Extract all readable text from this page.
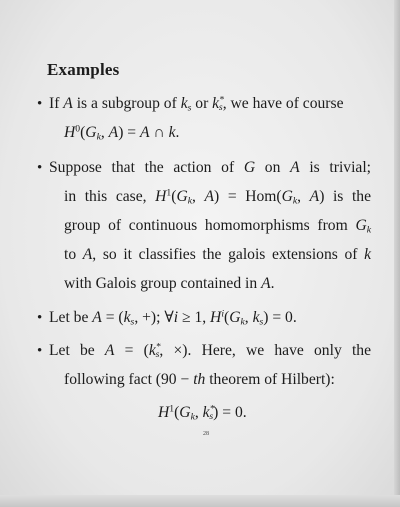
Examples
• If A is a subgroup of $k_s$ or $k^*_s$, we have of course
$H^0(G_k$, A) = A ∩ k.
• Suppose that the action of G on A is trivial;
in this case, $H^1(G_k$, $A) = Hom(G_k$, A) is the
group of continuous homomorphisms from $G_k$
to A, so it classifies the galois extensions of k
with Galois group contained in A.
• Let be $A = (k_s$, +); ∀i ≥ 1, $H^i(G_k$, $k_s) = 0$.
• Let be $A = (k^*_s$, ×). Here, we have only the
following fact (90 − th theorem of Hilbert):
$H^1(G_k$, $k^*_s) = 0$.
28
